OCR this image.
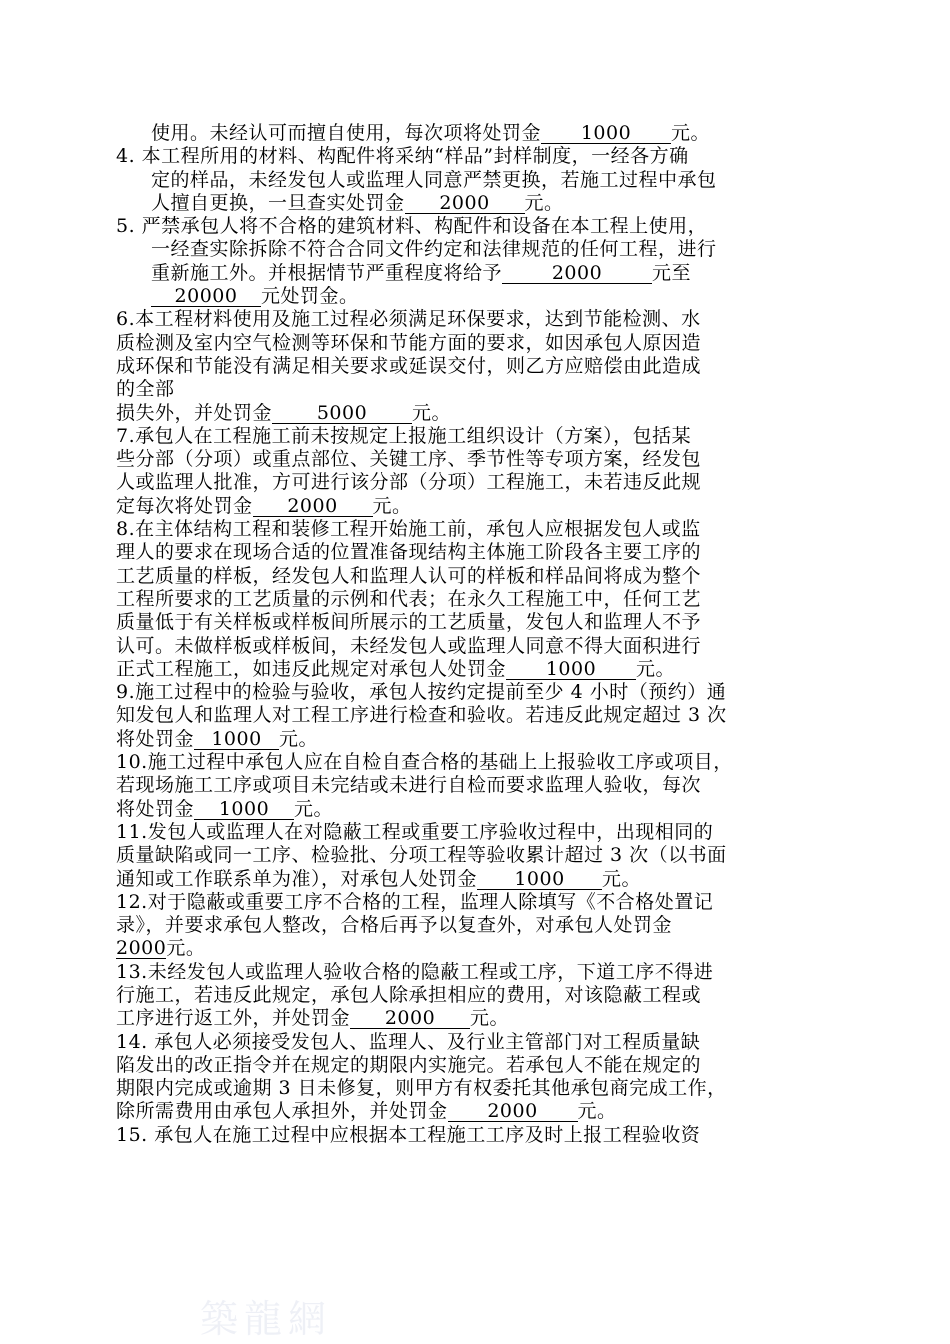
使用。未经认可而擅自使用，每次项将处罚金 1000 元。
4. 本工程所用的材料、构配件将采纳“样品”封样制度，一经各方确
定的样品，未经发包人或监理人同意严禁更换，若施工过程中承包
人擅自更换，一旦查实处罚金 2000 元。
5. 严禁承包人将不合格的建筑材料、构配件和设备在本工程上使用，
一经查实除拆除不符合合同文件约定和法律规范的任何工程，进行
重新施工外。并根据情节严重程度将给予	2000	元至
20000 元处罚金。
6.本工程材料使用及施工过程必须满足环保要求，达到节能检测、水
质检测及室内空气检测等环保和节能方面的要求，如因承包人原因造
成环保和节能没有满足相关要求或延误交付，则乙方应赔偿由此造成
的全部
损失外，并处罚金 5000 元。
7.承包人在工程施工前未按规定上报施工组织设计（方案），包括某
些分部（分项）或重点部位、关键工序、季节性等专项方案，经发包
人或监理人批准，方可进行该分部（分项）工程施工，未若违反此规
定每次将处罚金 2000 元。
8.在主体结构工程和装修工程开始施工前，承包人应根据发包人或监
理人的要求在现场合适的位置准备现结构主体施工阶段各主要工序的
工艺质量的样板，经发包人和监理人认可的样板和样品间将成为整个
工程所要求的工艺质量的示例和代表；在永久工程施工中，任何工艺
质量低于有关样板或样板间所展示的工艺质量，发包人和监理人不予
认可。未做样板或样板间，未经发包人或监理人同意不得大面积进行
正式工程施工，如违反此规定对承包人处罚金 1000 元。
9.施工过程中的检验与验收，承包人按约定提前至少 4 小时（预约）通
知发包人和监理人对工程工序进行检查和验收。若违反此规定超过 3 次
将处罚金 1000 元。
10.施工过程中承包人应在自检自查合格的基础上上报验收工序或项目，
若现场施工工序或项目未完结或未进行自检而要求监理人验收，每次
将处罚金 1000 元。
11.发包人或监理人在对隐蔽工程或重要工序验收过程中，出现相同的
质量缺陷或同一工序、检验批、分项工程等验收累计超过 3 次（以书面
通知或工作联系单为准），对承包人处罚金 1000 元。
12.对于隐蔽或重要工序不合格的工程，监理人除填写《不合格处置记
录》，并要求承包人整改，合格后再予以复查外，对承包人处罚金
2000元。
13.未经发包人或监理人验收合格的隐蔽工程或工序，下道工序不得进
行施工，若违反此规定，承包人除承担相应的费用，对该隐蔽工程或
工序进行返工外，并处罚金 2000 元。
14. 承包人必须接受发包人、监理人、及行业主管部门对工程质量缺
陷发出的改正指令并在规定的期限内实施完。若承包人不能在规定的
期限内完成或逾期 3 日未修复，则甲方有权委托其他承包商完成工作，
除所需费用由承包人承担外，并处罚金 2000 元。
15. 承包人在施工过程中应根据本工程施工工序及时上报工程验收资
築龍網
